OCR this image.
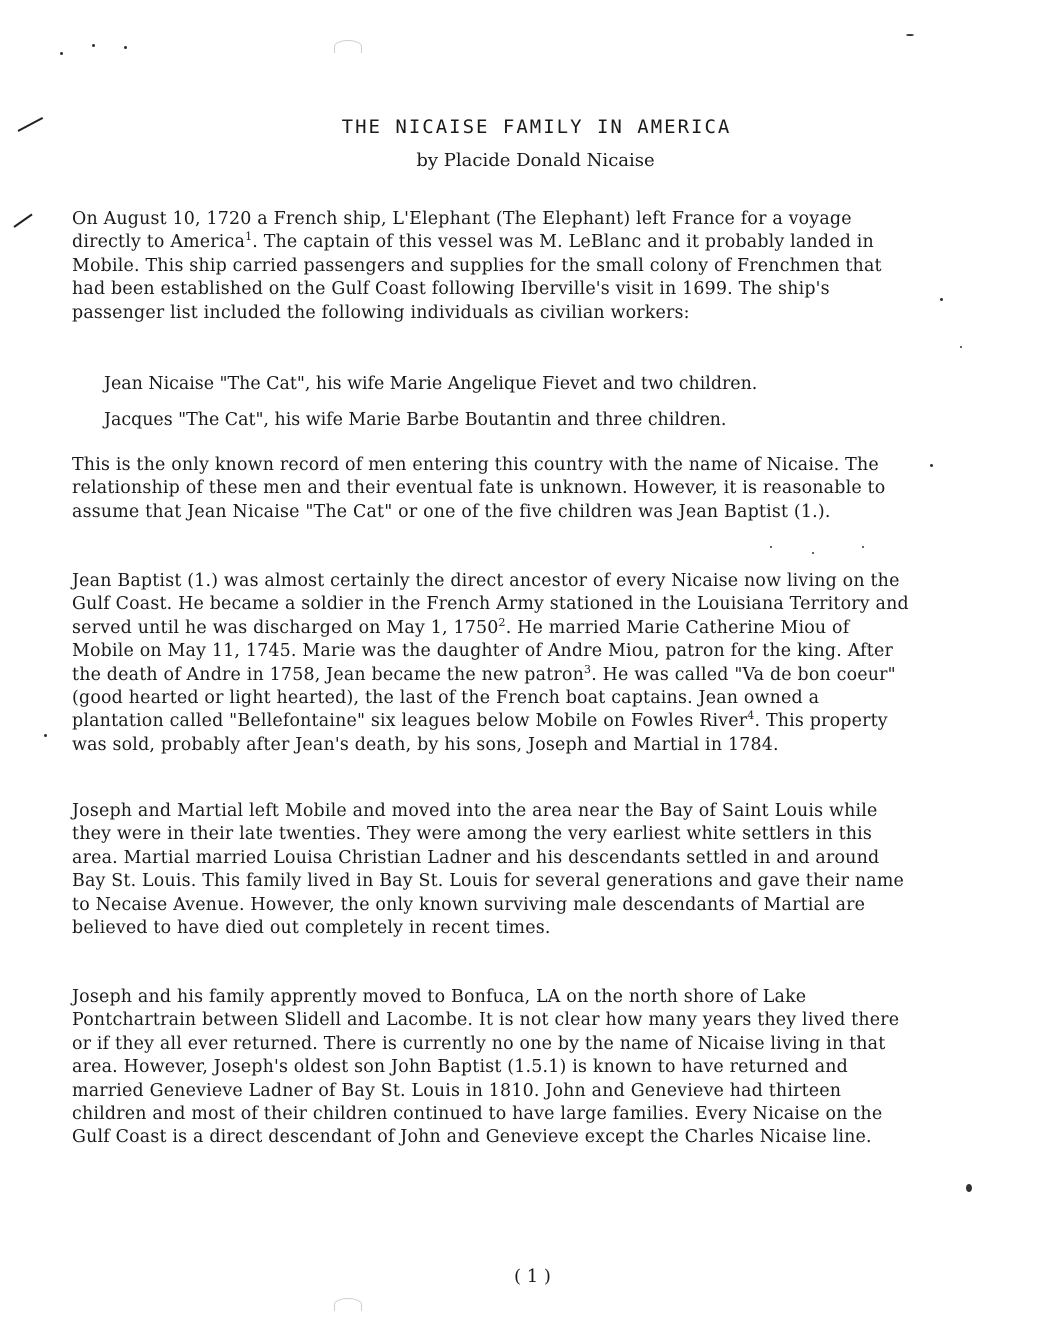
THE NICAISE FAMILY IN AMERICA
by Placide Donald Nicaise

On August 10, 1720 a French ship, L'Elephant (The Elephant) left France for a voyage directly to America$^1$. The captain of this vessel was M. LeBlanc and it probably landed in Mobile. This ship carried passengers and supplies for the small colony of Frenchmen that had been established on the Gulf Coast following Iberville's visit in 1699. The ship's passenger list included the following individuals as civilian workers:

Jean Nicaise "The Cat", his wife Marie Angelique Fievet and two children.

Jacques "The Cat", his wife Marie Barbe Boutantin and three children.

This is the only known record of men entering this country with the name of Nicaise. The relationship of these men and their eventual fate is unknown. However, it is reasonable to assume that Jean Nicaise "The Cat" or one of the five children was Jean Baptist (1.).

Jean Baptist (1.) was almost certainly the direct ancestor of every Nicaise now living on the Gulf Coast. He became a soldier in the French Army stationed in the Louisiana Territory and served until he was discharged on May 1, 1750$^2$. He married Marie Catherine Miou of Mobile on May 11, 1745. Marie was the daughter of Andre Miou, patron for the king. After the death of Andre in 1758, Jean became the new patron$^3$. He was called "Va de bon coeur" (good hearted or light hearted), the last of the French boat captains. Jean owned a plantation called "Bellefontaine" six leagues below Mobile on Fowles River$^4$. This property was sold, probably after Jean's death, by his sons, Joseph and Martial in 1784.

Joseph and Martial left Mobile and moved into the area near the Bay of Saint Louis while they were in their late twenties. They were among the very earliest white settlers in this area. Martial married Louisa Christian Ladner and his descendants settled in and around Bay St. Louis. This family lived in Bay St. Louis for several generations and gave their name to Necaise Avenue. However, the only known surviving male descendants of Martial are believed to have died out completely in recent times.

Joseph and his family apprently moved to Bonfuca, LA on the north shore of Lake Pontchartrain between Slidell and Lacombe. It is not clear how many years they lived there or if they all ever returned. There is currently no one by the name of Nicaise living in that area. However, Joseph's oldest son John Baptist (1.5.1) is known to have returned and married Genevieve Ladner of Bay St. Louis in 1810. John and Genevieve had thirteen children and most of their children continued to have large families. Every Nicaise on the Gulf Coast is a direct descendant of John and Genevieve except the Charles Nicaise line.

( 1 )
